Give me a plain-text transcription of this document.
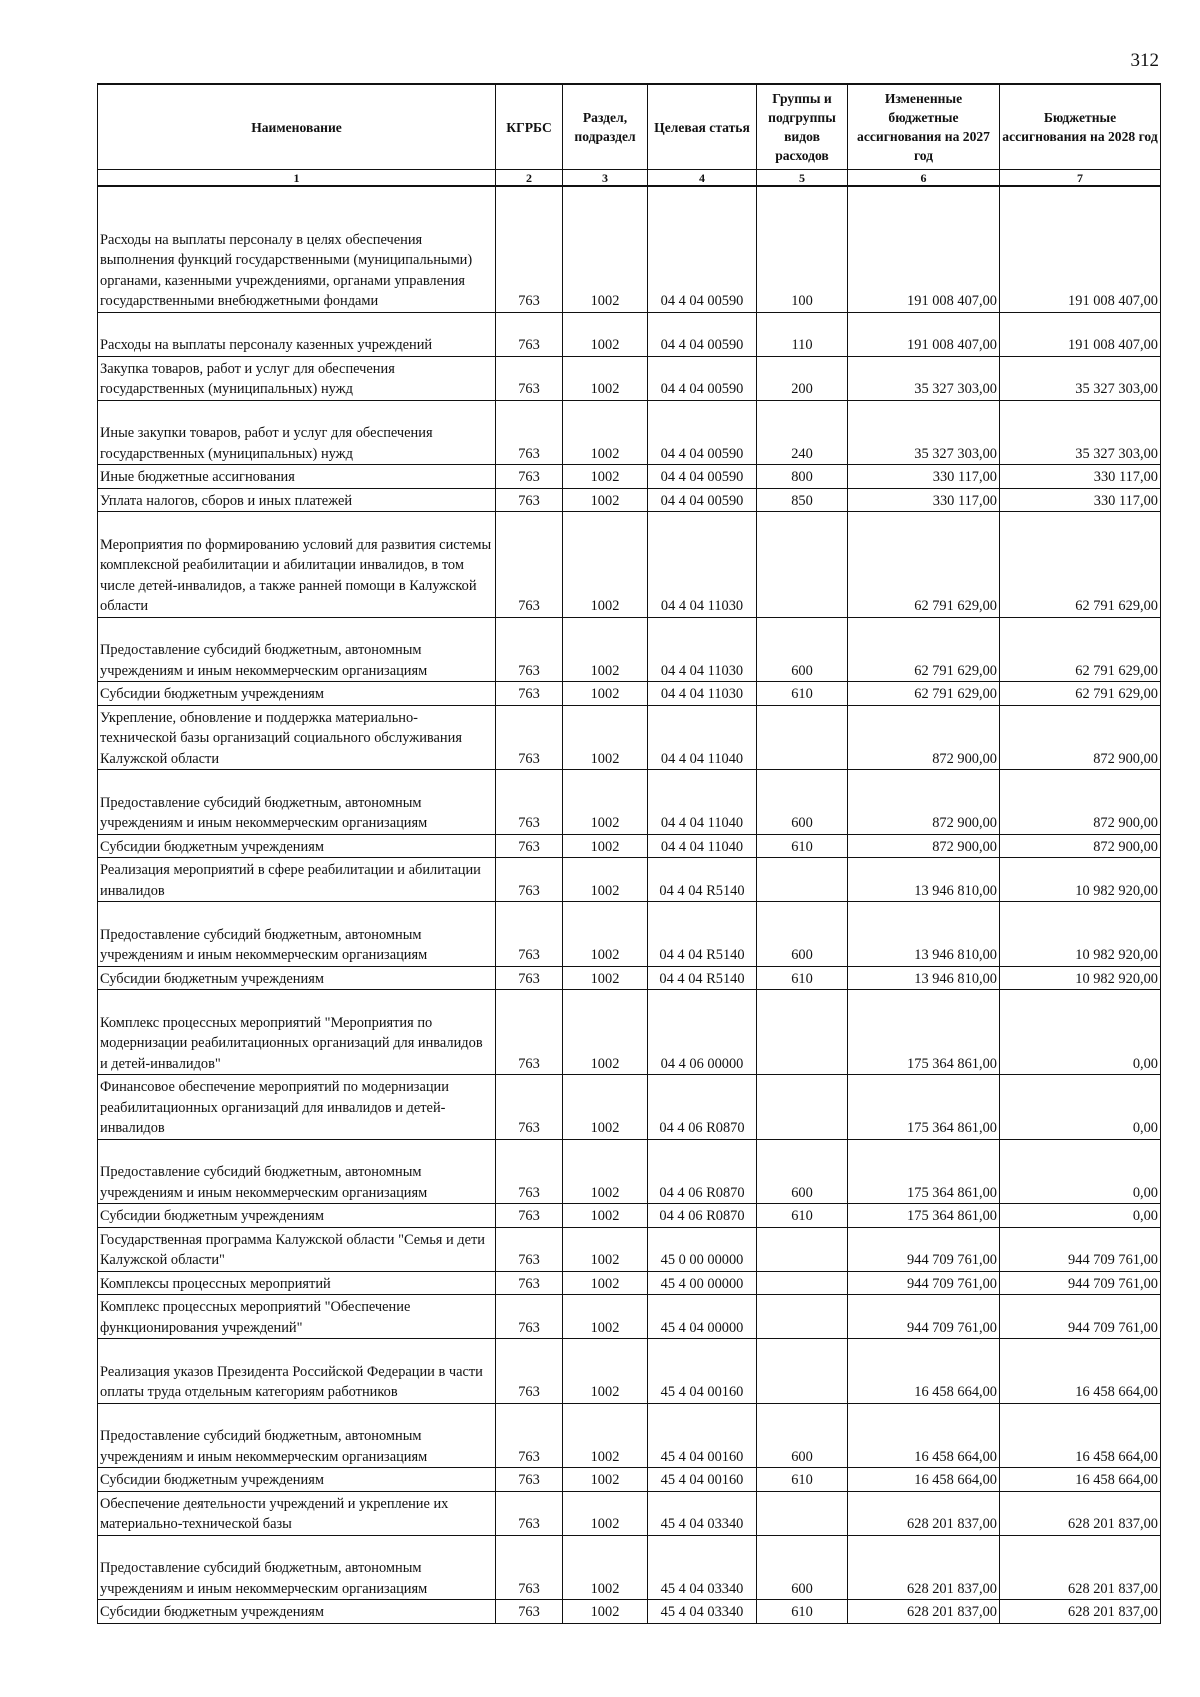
312
Наименование	КГРБС	Раздел, подраздел	Целевая статья	Группы и подгруппы видов расходов	Измененные бюджетные ассигнования на 2027 год	Бюджетные ассигнования на 2028 год
1	2	3	4	5	6	7
Расходы на выплаты персоналу в целях обеспечения выполнения функций государственными (муниципальными) органами, казенными учреждениями, органами управления государственными внебюджетными фондами	763	1002	04 4 04 00590	100	191 008 407,00	191 008 407,00
Расходы на выплаты персоналу казенных учреждений	763	1002	04 4 04 00590	110	191 008 407,00	191 008 407,00
Закупка товаров, работ и услуг для обеспечения государственных (муниципальных) нужд	763	1002	04 4 04 00590	200	35 327 303,00	35 327 303,00
Иные закупки товаров, работ и услуг для обеспечения государственных (муниципальных) нужд	763	1002	04 4 04 00590	240	35 327 303,00	35 327 303,00
Иные бюджетные ассигнования	763	1002	04 4 04 00590	800	330 117,00	330 117,00
Уплата налогов, сборов и иных платежей	763	1002	04 4 04 00590	850	330 117,00	330 117,00
Мероприятия по формированию условий для развития системы комплексной реабилитации и абилитации инвалидов, в том числе детей-инвалидов, а также ранней помощи в Калужской области	763	1002	04 4 04 11030		62 791 629,00	62 791 629,00
Предоставление субсидий бюджетным, автономным учреждениям и иным некоммерческим организациям	763	1002	04 4 04 11030	600	62 791 629,00	62 791 629,00
Субсидии бюджетным учреждениям	763	1002	04 4 04 11030	610	62 791 629,00	62 791 629,00
Укрепление, обновление и поддержка материально-технической базы организаций социального обслуживания Калужской области	763	1002	04 4 04 11040		872 900,00	872 900,00
Предоставление субсидий бюджетным, автономным учреждениям и иным некоммерческим организациям	763	1002	04 4 04 11040	600	872 900,00	872 900,00
Субсидии бюджетным учреждениям	763	1002	04 4 04 11040	610	872 900,00	872 900,00
Реализация мероприятий в сфере реабилитации и абилитации инвалидов	763	1002	04 4 04 R5140		13 946 810,00	10 982 920,00
Предоставление субсидий бюджетным, автономным учреждениям и иным некоммерческим организациям	763	1002	04 4 04 R5140	600	13 946 810,00	10 982 920,00
Субсидии бюджетным учреждениям	763	1002	04 4 04 R5140	610	13 946 810,00	10 982 920,00
Комплекс процессных мероприятий "Мероприятия по модернизации реабилитационных организаций для инвалидов и детей-инвалидов"	763	1002	04 4 06 00000		175 364 861,00	0,00
Финансовое обеспечение мероприятий по модернизации реабилитационных организаций для инвалидов и детей-инвалидов	763	1002	04 4 06 R0870		175 364 861,00	0,00
Предоставление субсидий бюджетным, автономным учреждениям и иным некоммерческим организациям	763	1002	04 4 06 R0870	600	175 364 861,00	0,00
Субсидии бюджетным учреждениям	763	1002	04 4 06 R0870	610	175 364 861,00	0,00
Государственная программа Калужской области "Семья и дети Калужской области"	763	1002	45 0 00 00000		944 709 761,00	944 709 761,00
Комплексы процессных мероприятий	763	1002	45 4 00 00000		944 709 761,00	944 709 761,00
Комплекс процессных мероприятий "Обеспечение функционирования учреждений"	763	1002	45 4 04 00000		944 709 761,00	944 709 761,00
Реализация указов Президента Российской Федерации в части оплаты труда отдельным категориям работников	763	1002	45 4 04 00160		16 458 664,00	16 458 664,00
Предоставление субсидий бюджетным, автономным учреждениям и иным некоммерческим организациям	763	1002	45 4 04 00160	600	16 458 664,00	16 458 664,00
Субсидии бюджетным учреждениям	763	1002	45 4 04 00160	610	16 458 664,00	16 458 664,00
Обеспечение деятельности учреждений и укрепление их материально-технической базы	763	1002	45 4 04 03340		628 201 837,00	628 201 837,00
Предоставление субсидий бюджетным, автономным учреждениям и иным некоммерческим организациям	763	1002	45 4 04 03340	600	628 201 837,00	628 201 837,00
Субсидии бюджетным учреждениям	763	1002	45 4 04 03340	610	628 201 837,00	628 201 837,00
